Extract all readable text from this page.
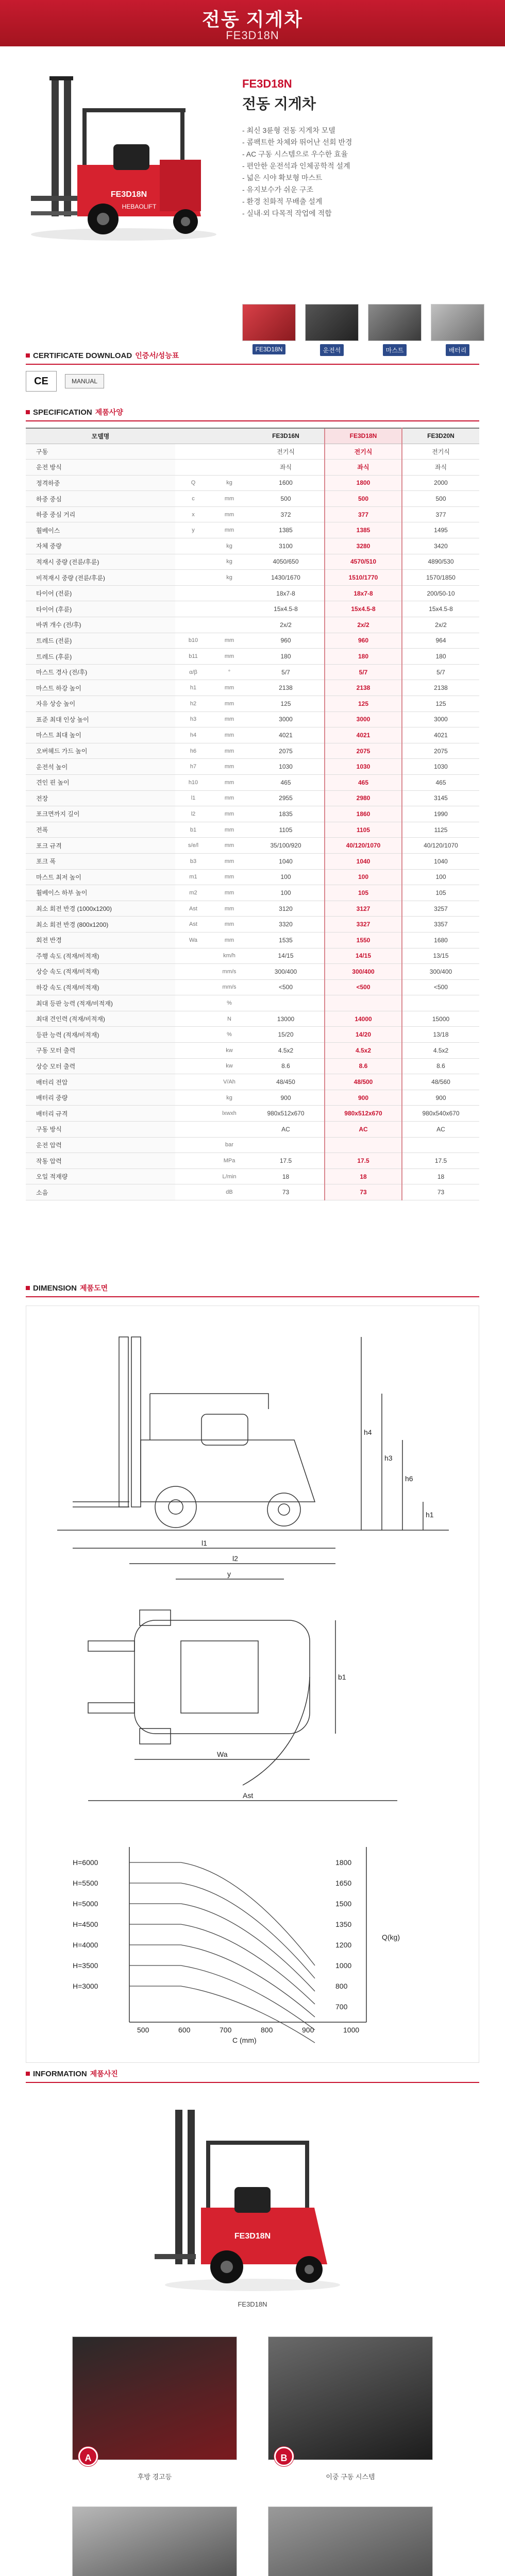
전동 지게차
FE3D18N
FE3D18N
HEBAOLIFT
FE3D18N
전동 지게차
- 최신 3륜형 전동 지게차 모델
- 콤팩트한 차체와 뛰어난 선회 반경
- AC 구동 시스템으로 우수한 효율
- 편안한 운전석과 인체공학적 설계
- 넓은 시야 확보형 마스트
- 유지보수가 쉬운 구조
- 환경 친화적 무배출 설계
- 실내·외 다목적 작업에 적합
FE3D18N	운전석	마스트	배터리
CERTIFICATE DOWNLOAD 인증서/성능표
CE	MANUAL
SPECIFICATION 제품사양
모델명			FE3D16N	FE3D18N	FE3D20N
구동			전기식	전기식	전기식
운전 방식			좌식	좌식	좌식
정격하중	Q	kg	1600	1800	2000
하중 중심	c	mm	500	500	500
하중 중심 거리	x	mm	372	377	377
휠베이스	y	mm	1385	1385	1495
자체 중량		kg	3100	3280	3420
적재시 중량 (전륜/후륜)		kg	4050/650	4570/510	4890/530
비적재시 중량 (전륜/후륜)		kg	1430/1670	1510/1770	1570/1850
타이어 (전륜)			18x7-8	18x7-8	200/50-10
타이어 (후륜)			15x4.5-8	15x4.5-8	15x4.5-8
바퀴 개수 (전/후)			2x/2	2x/2	2x/2
트레드 (전륜)	b10	mm	960	960	964
트레드 (후륜)	b11	mm	180	180	180
마스트 경사 (전/후)	α/β	°	5/7	5/7	5/7
마스트 하강 높이	h1	mm	2138	2138	2138
자유 상승 높이	h2	mm	125	125	125
표준 최대 인상 높이	h3	mm	3000	3000	3000
마스트 최대 높이	h4	mm	4021	4021	4021
오버헤드 가드 높이	h6	mm	2075	2075	2075
운전석 높이	h7	mm	1030	1030	1030
견인 핀 높이	h10	mm	465	465	465
전장	l1	mm	2955	2980	3145
포크면까지 길이	l2	mm	1835	1860	1990
전폭	b1	mm	1105	1105	1125
포크 규격	s/e/l	mm	35/100/920	40/120/1070	40/120/1070
포크 폭	b3	mm	1040	1040	1040
마스트 최저 높이	m1	mm	100	100	100
휠베이스 하부 높이	m2	mm	100	105	105
최소 회전 반경 (1000x1200)	Ast	mm	3120	3127	3257
최소 회전 반경 (800x1200)	Ast	mm	3320	3327	3357
회전 반경	Wa	mm	1535	1550	1680
주행 속도 (적재/비적재)		km/h	14/15	14/15	13/15
상승 속도 (적재/비적재)		mm/s	300/400	300/400	300/400
하강 속도 (적재/비적재)		mm/s	<500	<500	<500
최대 등판 능력 (적재/비적재)		%			
최대 견인력 (적재/비적재)		N	13000	14000	15000
등판 능력 (적재/비적재)		%	15/20	14/20	13/18
구동 모터 출력		kw	4.5x2	4.5x2	4.5x2
상승 모터 출력		kw	8.6	8.6	8.6
배터리 전압		V/Ah	48/450	48/500	48/560
배터리 중량		kg	900	900	900
배터리 규격		lxwxh	980x512x670	980x512x670	980x540x670
구동 방식			AC	AC	AC
운전 압력		bar			
작동 압력		MPa	17.5	17.5	17.5
오일 적재량		L/min	18	18	18
소음		dB	73	73	73
DIMENSION 제품도면
l1
l2
y
h4
h3
h6
h1
b1
Wa
Ast
H=6000
H=5500
H=5000
H=4500
H=4000
H=3500
H=3000
1800
1650
1500
1350
1200
1000
800
700
500	600	700	800	900	1000
Q(kg)
C (mm)
INFORMATION 제품사진
FE3D18N
FE3D18N
A
후방 경고등
B
이중 구동 시스템
